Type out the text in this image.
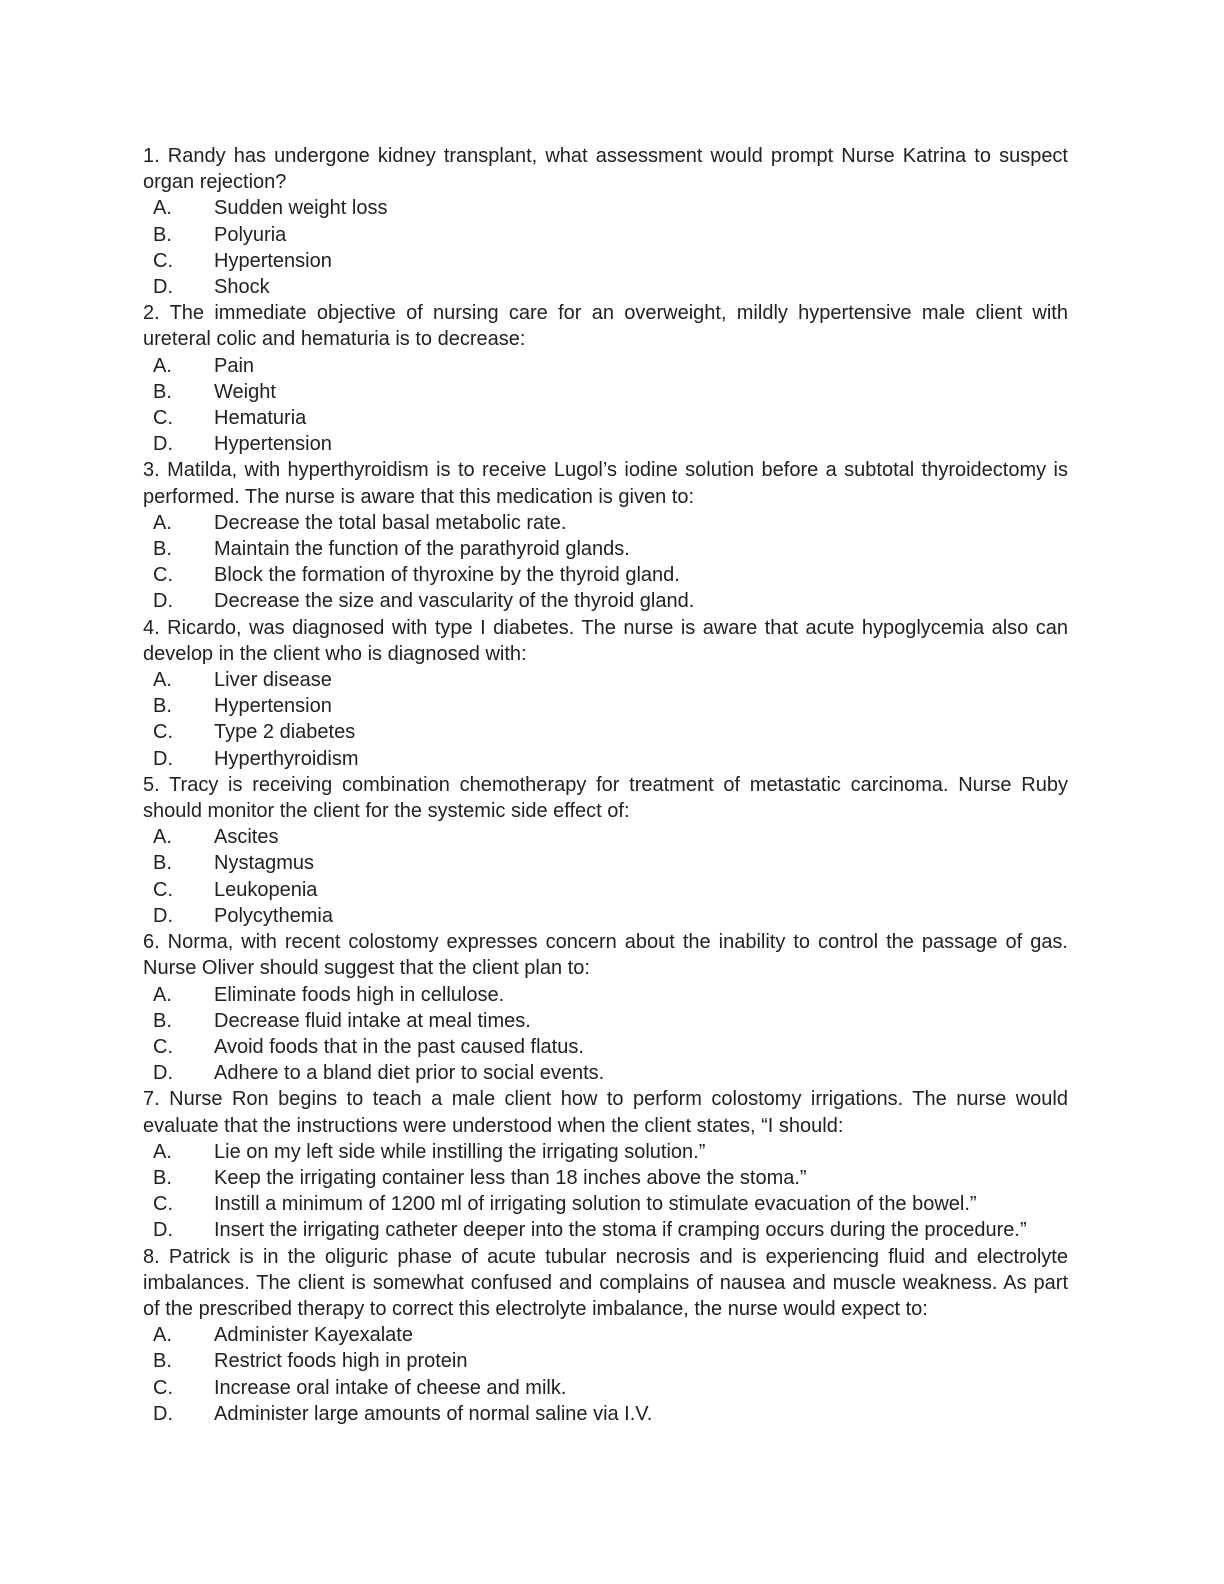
1. Randy has undergone kidney transplant, what assessment would prompt Nurse Katrina to suspect organ rejection?

A.	Sudden weight loss
B.	Polyuria
C.	Hypertension
D.	Shock

2. The immediate objective of nursing care for an overweight, mildly hypertensive male client with ureteral colic and hematuria is to decrease:

A.	Pain
B.	Weight
C.	Hematuria
D.	Hypertension

3. Matilda, with hyperthyroidism is to receive Lugol’s iodine solution before a subtotal thyroidectomy is performed. The nurse is aware that this medication is given to:

A.	Decrease the total basal metabolic rate.
B.	Maintain the function of the parathyroid glands.
C.	Block the formation of thyroxine by the thyroid gland.
D.	Decrease the size and vascularity of the thyroid gland.

4. Ricardo, was diagnosed with type I diabetes. The nurse is aware that acute hypoglycemia also can develop in the client who is diagnosed with:

A.	Liver disease
B.	Hypertension
C.	Type 2 diabetes
D.	Hyperthyroidism

5. Tracy is receiving combination chemotherapy for treatment of metastatic carcinoma. Nurse Ruby should monitor the client for the systemic side effect of:

A.	Ascites
B.	Nystagmus
C.	Leukopenia
D.	Polycythemia

6. Norma, with recent colostomy expresses concern about the inability to control the passage of gas. Nurse Oliver should suggest that the client plan to:

A.	Eliminate foods high in cellulose.
B.	Decrease fluid intake at meal times.
C.	Avoid foods that in the past caused flatus.
D.	Adhere to a bland diet prior to social events.

7. Nurse Ron begins to teach a male client how to perform colostomy irrigations. The nurse would evaluate that the instructions were understood when the client states, “I should:

A.	Lie on my left side while instilling the irrigating solution.”
B.	Keep the irrigating container less than 18 inches above the stoma.”
C.	Instill a minimum of 1200 ml of irrigating solution to stimulate evacuation of the bowel.”
D.	Insert the irrigating catheter deeper into the stoma if cramping occurs during the procedure.”

8. Patrick is in the oliguric phase of acute tubular necrosis and is experiencing fluid and electrolyte imbalances. The client is somewhat confused and complains of nausea and muscle weakness. As part of the prescribed therapy to correct this electrolyte imbalance, the nurse would expect to:

A.	Administer Kayexalate
B.	Restrict foods high in protein
C.	Increase oral intake of cheese and milk.
D.	Administer large amounts of normal saline via I.V.
